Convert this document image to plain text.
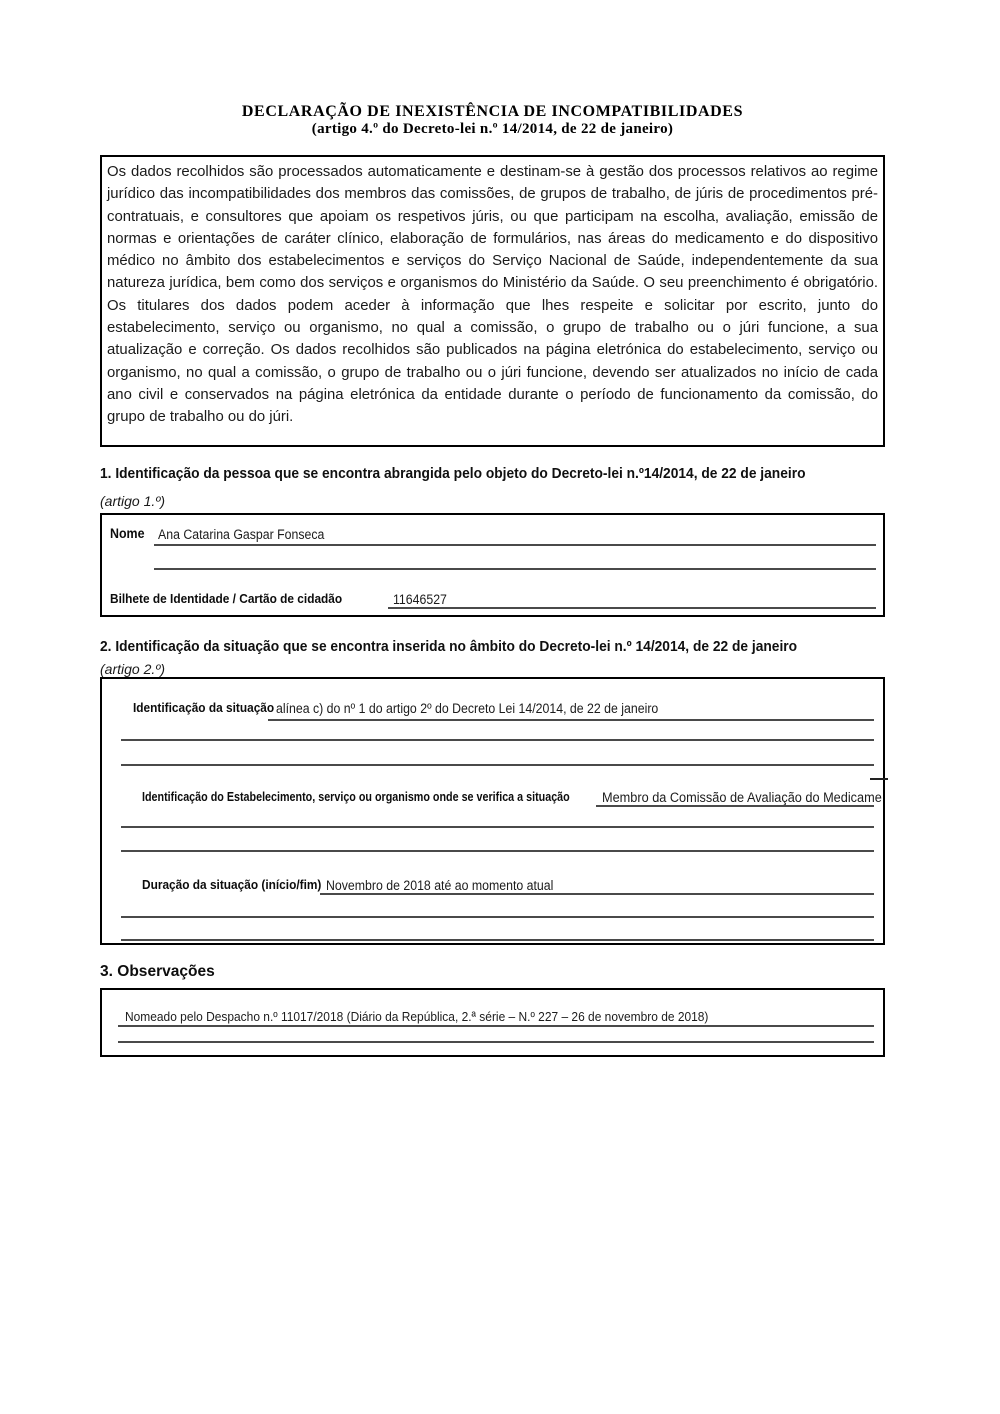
DECLARAÇÃO DE INEXISTÊNCIA DE INCOMPATIBILIDADES
(artigo 4.º do Decreto-lei n.º 14/2014, de 22 de janeiro)
Os dados recolhidos são processados automaticamente e destinam-se à gestão dos processos relativos ao regime jurídico das incompatibilidades dos membros das comissões, de grupos de trabalho, de júris de procedimentos pré-contratuais, e consultores que apoiam os respetivos júris, ou que participam na escolha, avaliação, emissão de normas e orientações de caráter clínico, elaboração de formulários, nas áreas do medicamento e do dispositivo médico no âmbito dos estabelecimentos e serviços do Serviço Nacional de Saúde, independentemente da sua natureza jurídica, bem como dos serviços e organismos do Ministério da Saúde. O seu preenchimento é obrigatório. Os titulares dos dados podem aceder à informação que lhes respeite e solicitar por escrito, junto do estabelecimento, serviço ou organismo, no qual a comissão, o grupo de trabalho ou o júri funcione, a sua atualização e correção. Os dados recolhidos são publicados na página eletrónica do estabelecimento, serviço ou organismo, no qual a comissão, o grupo de trabalho ou o júri funcione, devendo ser atualizados no início de cada ano civil e conservados na página eletrónica da entidade durante o período de funcionamento da comissão, do grupo de trabalho ou do júri.
1. Identificação da pessoa que se encontra abrangida pelo objeto do Decreto-lei n.º14/2014, de 22 de janeiro
(artigo 1.º)
Nome Ana Catarina Gaspar Fonseca
Bilhete de Identidade / Cartão de cidadão	11646527
2. Identificação da situação que se encontra inserida no âmbito do Decreto-lei n.º 14/2014, de 22 de janeiro
(artigo 2.º)
Identificação da situação alínea c) do nº 1 do artigo 2º do Decreto Lei 14/2014, de 22 de janeiro
Identificação do Estabelecimento, serviço ou organismo onde se verifica a situação Membro da Comissão de Avaliação do Medicame
Duração da situação (início/fim) Novembro de 2018 até ao momento atual
3. Observações
Nomeado pelo Despacho n.º 11017/2018 (Diário da República, 2.ª série – N.º 227 – 26 de novembro de 2018)
